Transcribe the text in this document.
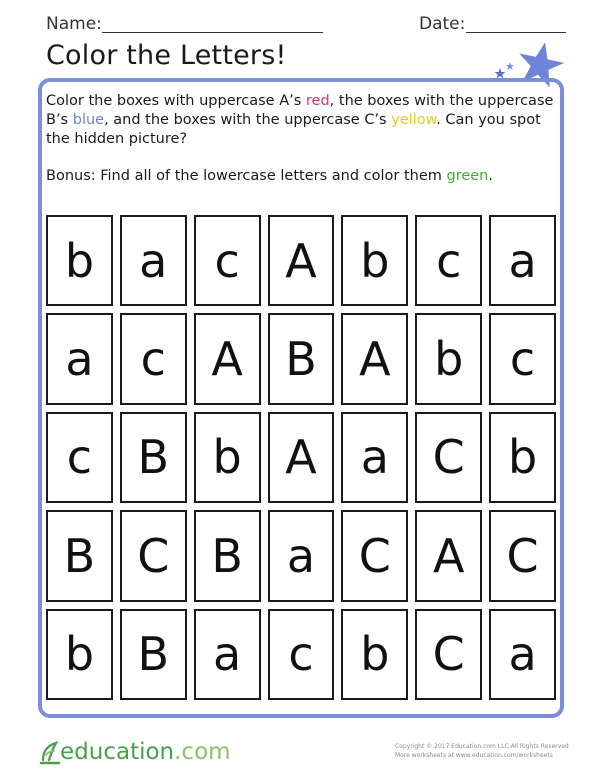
Name:	Date:
Color the Letters!

Color the boxes with uppercase A’s red, the boxes with the uppercase B’s blue, and the boxes with the uppercase C’s yellow. Can you spot the hidden picture?

Bonus: Find all of the lowercase letters and color them green.

b a	c A b	c	a
a	c A B A b	c
c B b A a C b
B C B a C A C
b B a	c	b C a
education.com	Copyright © 2017 Education.com LLC All Rights Reserved
More worksheets at www.education.com/worksheets
